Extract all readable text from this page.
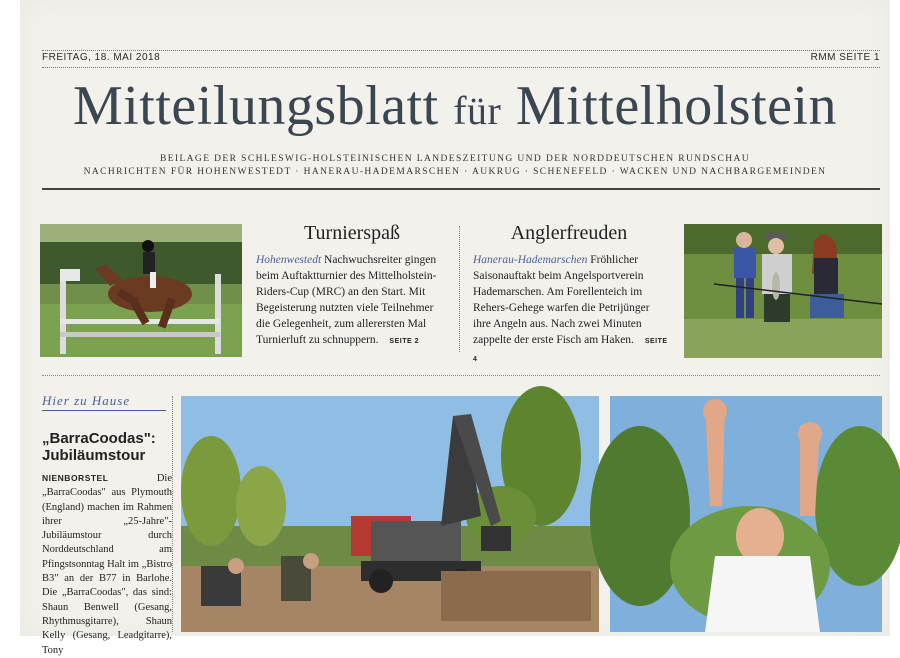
FREITAG, 18. MAI 2018	RMM SEITE 1
Mitteilungsblatt für Mittelholstein
BEILAGE DER SCHLESWIG-HOLSTEINISCHEN LANDESZEITUNG UND DER NORDDEUTSCHEN RUNDSCHAU
NACHRICHTEN FÜR HOHENWESTEDT · HANERAU-HADEMARSCHEN · AUKRUG · SCHENEFELD · WACKEN UND NACHBARGEMEINDEN
Turnierspaß
Hohenwestedt Nachwuchsreiter gingen beim Auftaktturnier des Mittelholstein-Riders-Cup (MRC) an den Start. Mit Begeisterung nutzten viele Teilnehmer die Gelegenheit, zum allerersten Mal Turnierluft zu schnuppern. SEITE 2
Anglerfreuden
Hanerau-Hademarschen Fröhlicher Saisonauftakt beim Angelsportverein Hademarschen. Am Forellenteich im Rehers-Gehege warfen die Petrijünger ihre Angeln aus. Nach zwei Minuten zappelte der erste Fisch am Haken. SEITE 4
Hier zu Hause
„BarraCoodas": Jubiläumstour
NIENBORSTEL	Die „BarraCoodas" aus Plymouth (England) machen im Rahmen ihrer „25-Jahre"-Jubiläumstour durch Norddeutschland am Pfingstsonntag Halt im „Bistro B3" an der B77 in Barlohe. Die „BarraCoodas", das sind: Shaun Benwell (Gesang, Rhythmusgitarre), Shaun Kelly (Gesang, Leadgitarre), Tony
